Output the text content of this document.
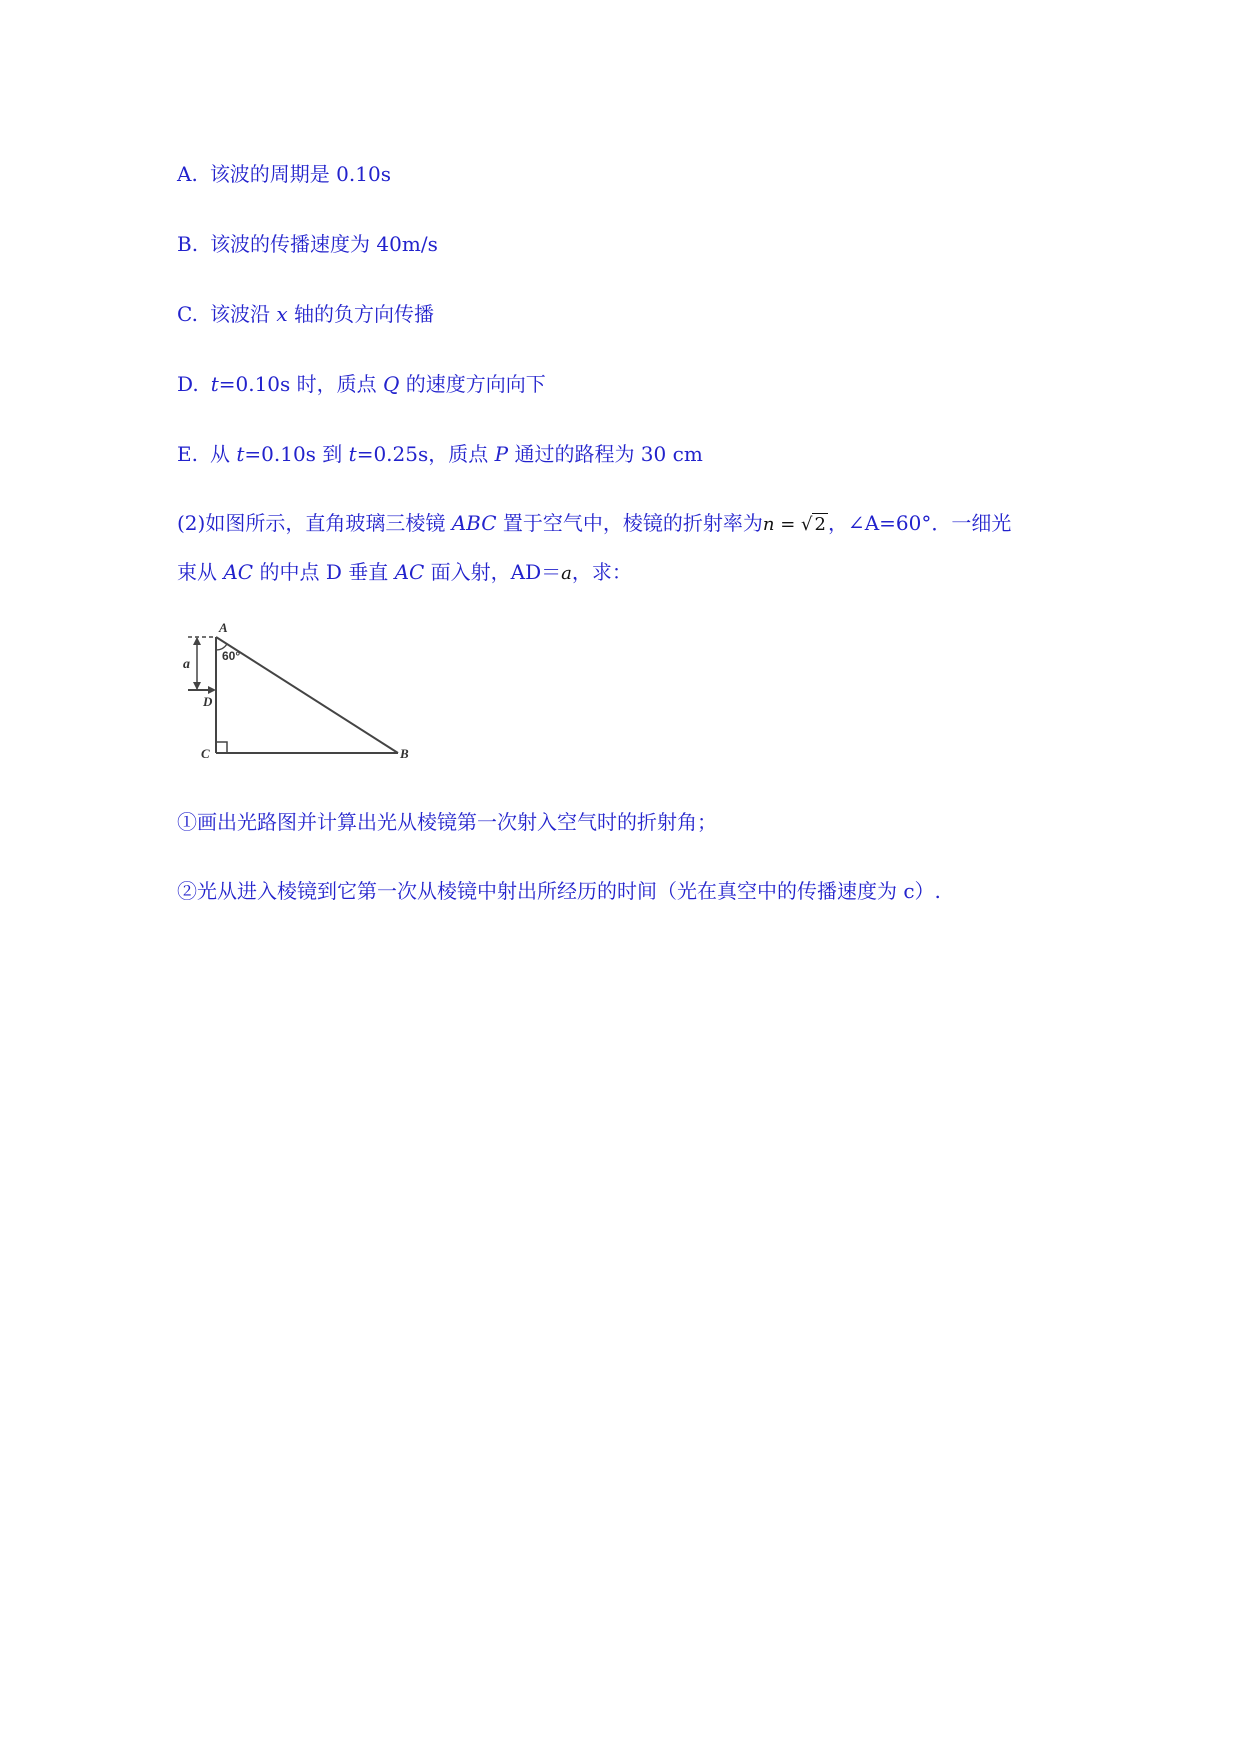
A. 该波的周期是 0.10s
B. 该波的传播速度为 40m/s
C. 该波沿 x 轴的负方向传播
D. t=0.10s 时，质点 Q 的速度方向向下
E. 从 t=0.10s 到 t=0.25s，质点 P 通过的路程为 30 cm
(2)如图所示，直角玻璃三棱镜 ABC 置于空气中，棱镜的折射率为n = √ 2 ，∠A=60°．一细光
束从 AC 的中点 D 垂直 AC 面入射，AD＝a，求：
A
60°
a
D
C	B
①画出光路图并计算出光从棱镜第一次射入空气时的折射角；
②光从进入棱镜到它第一次从棱镜中射出所经历的时间（光在真空中的传播速度为 c）.
